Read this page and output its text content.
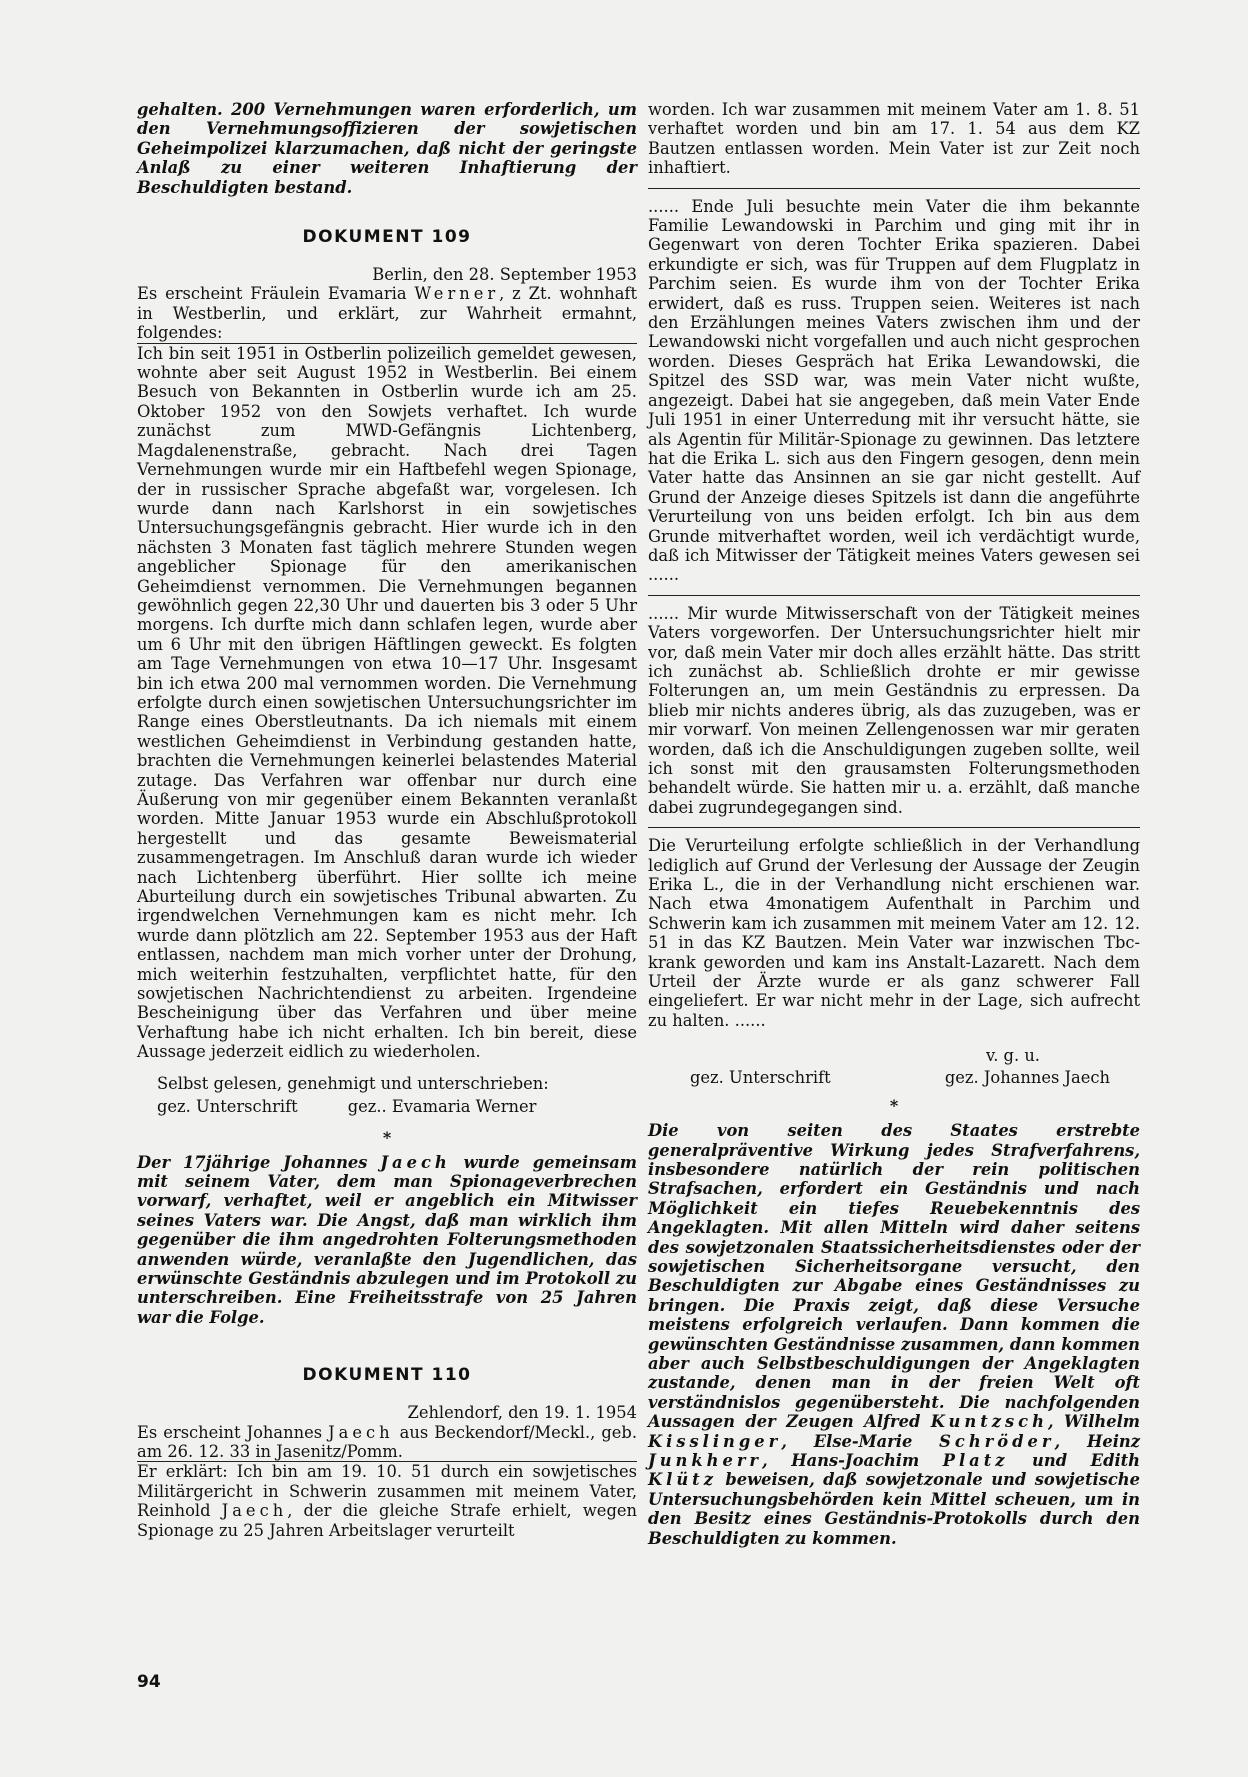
gehalten. 200 Vernehmungen waren erforderlich, um den Vernehmungsoffizieren der sowjetischen Geheimpolizei klarzumachen, daß nicht der geringste Anlaß zu einer weiteren Inhaftierung der Beschuldigten bestand.

DOKUMENT 109

Berlin, den 28. September 1953

Es erscheint Fräulein Evamaria Werner, z Zt. wohnhaft in Westberlin, und erklärt, zur Wahrheit ermahnt, folgendes:

Ich bin seit 1951 in Ostberlin polizeilich gemeldet gewesen, wohnte aber seit August 1952 in Westberlin. Bei einem Besuch von Bekannten in Ostberlin wurde ich am 25. Oktober 1952 von den Sowjets verhaftet. Ich wurde zunächst zum MWD-Gefängnis Lichtenberg, Magdalenenstraße, gebracht. Nach drei Tagen Vernehmungen wurde mir ein Haftbefehl wegen Spionage, der in russischer Sprache abgefaßt war, vorgelesen. Ich wurde dann nach Karlshorst in ein sowjetisches Untersuchungsgefängnis gebracht. Hier wurde ich in den nächsten 3 Monaten fast täglich mehrere Stunden wegen angeblicher Spionage für den amerikanischen Geheimdienst vernommen. Die Vernehmungen begannen gewöhnlich gegen 22,30 Uhr und dauerten bis 3 oder 5 Uhr morgens. Ich durfte mich dann schlafen legen, wurde aber um 6 Uhr mit den übrigen Häftlingen geweckt. Es folgten am Tage Vernehmungen von etwa 10—17 Uhr. Insgesamt bin ich etwa 200 mal vernommen worden. Die Vernehmung erfolgte durch einen sowjetischen Untersuchungsrichter im Range eines Oberstleutnants. Da ich niemals mit einem westlichen Geheimdienst in Verbindung gestanden hatte, brachten die Vernehmungen keinerlei belastendes Material zutage. Das Verfahren war offenbar nur durch eine Äußerung von mir gegenüber einem Bekannten veranlaßt worden. Mitte Januar 1953 wurde ein Abschlußprotokoll hergestellt und das gesamte Beweismaterial zusammengetragen. Im Anschluß daran wurde ich wieder nach Lichtenberg überführt. Hier sollte ich meine Aburteilung durch ein sowjetisches Tribunal abwarten. Zu irgendwelchen Vernehmungen kam es nicht mehr. Ich wurde dann plötzlich am 22. September 1953 aus der Haft entlassen, nachdem man mich vorher unter der Drohung, mich weiterhin festzuhalten, verpflichtet hatte, für den sowjetischen Nachrichtendienst zu arbeiten. Irgendeine Bescheinigung über das Verfahren und über meine Verhaftung habe ich nicht erhalten. Ich bin bereit, diese Aussage jederzeit eidlich zu wiederholen.

Selbst gelesen, genehmigt und unterschrieben:

gez. Unterschrift	gez.. Evamaria Werner

*

Der 17jährige Johannes Jaech wurde gemeinsam mit seinem Vater, dem man Spionageverbrechen vorwarf, verhaftet, weil er angeblich ein Mitwisser seines Vaters war. Die Angst, daß man wirklich ihm gegenüber die ihm angedrohten Folterungsmethoden anwenden würde, veranlaßte den Jugendlichen, das erwünschte Geständnis abzulegen und im Protokoll zu unterschreiben. Eine Freiheitsstrafe von 25 Jahren war die Folge.

DOKUMENT 110

Zehlendorf, den 19. 1. 1954

Es erscheint Johannes Jaech aus Beckendorf/Meckl., geb. am 26. 12. 33 in Jasenitz/Pomm.

Er erklärt: Ich bin am 19. 10. 51 durch ein sowjetisches Militärgericht in Schwerin zusammen mit meinem Vater, Reinhold Jaech, der die gleiche Strafe erhielt, wegen Spionage zu 25 Jahren Arbeitslager verurteilt

worden. Ich war zusammen mit meinem Vater am 1. 8. 51 verhaftet worden und bin am 17. 1. 54 aus dem KZ Bautzen entlassen worden. Mein Vater ist zur Zeit noch inhaftiert.

...... Ende Juli besuchte mein Vater die ihm bekannte Familie Lewandowski in Parchim und ging mit ihr in Gegenwart von deren Tochter Erika spazieren. Dabei erkundigte er sich, was für Truppen auf dem Flugplatz in Parchim seien. Es wurde ihm von der Tochter Erika erwidert, daß es russ. Truppen seien. Weiteres ist nach den Erzählungen meines Vaters zwischen ihm und der Lewandowski nicht vorgefallen und auch nicht gesprochen worden. Dieses Gespräch hat Erika Lewandowski, die Spitzel des SSD war, was mein Vater nicht wußte, angezeigt. Dabei hat sie angegeben, daß mein Vater Ende Juli 1951 in einer Unterredung mit ihr versucht hätte, sie als Agentin für Militär-Spionage zu gewinnen. Das letztere hat die Erika L. sich aus den Fingern gesogen, denn mein Vater hatte das Ansinnen an sie gar nicht gestellt. Auf Grund der Anzeige dieses Spitzels ist dann die angeführte Verurteilung von uns beiden erfolgt. Ich bin aus dem Grunde mitverhaftet worden, weil ich verdächtigt wurde, daß ich Mitwisser der Tätigkeit meines Vaters gewesen sei ......

...... Mir wurde Mitwisserschaft von der Tätigkeit meines Vaters vorgeworfen. Der Untersuchungsrichter hielt mir vor, daß mein Vater mir doch alles erzählt hätte. Das stritt ich zunächst ab. Schließlich drohte er mir gewisse Folterungen an, um mein Geständnis zu erpressen. Da blieb mir nichts anderes übrig, als das zuzugeben, was er mir vorwarf. Von meinen Zellengenossen war mir geraten worden, daß ich die Anschuldigungen zugeben sollte, weil ich sonst mit den grausamsten Folterungsmethoden behandelt würde. Sie hatten mir u. a. erzählt, daß manche dabei zugrundegegangen sind.

Die Verurteilung erfolgte schließlich in der Verhandlung lediglich auf Grund der Verlesung der Aussage der Zeugin Erika L., die in der Verhandlung nicht erschienen war. Nach etwa 4monatigem Aufenthalt in Parchim und Schwerin kam ich zusammen mit meinem Vater am 12. 12. 51 in das KZ Bautzen. Mein Vater war inzwischen Tbc-krank geworden und kam ins Anstalt-Lazarett. Nach dem Urteil der Ärzte wurde er als ganz schwerer Fall eingeliefert. Er war nicht mehr in der Lage, sich aufrecht zu halten. ......

v. g. u.

gez. Unterschrift	gez. Johannes Jaech

*

Die von seiten des Staates erstrebte generalpräventive Wirkung jedes Strafverfahrens, insbesondere natürlich der rein politischen Strafsachen, erfordert ein Geständnis und nach Möglichkeit ein tiefes Reuebekenntnis des Angeklagten. Mit allen Mitteln wird daher seitens des sowjetzonalen Staatssicherheitsdienstes oder der sowjetischen Sicherheitsorgane versucht, den Beschuldigten zur Abgabe eines Geständnisses zu bringen. Die Praxis zeigt, daß diese Versuche meistens erfolgreich verlaufen. Dann kommen die gewünschten Geständnisse zusammen, dann kommen aber auch Selbstbeschuldigungen der Angeklagten zustande, denen man in der freien Welt oft verständnislos gegenübersteht. Die nachfolgenden Aussagen der Zeugen Alfred Kuntzsch, Wilhelm Kisslinger, Else-Marie Schröder, Heinz Junkherr, Hans-Joachim Platz und Edith Klütz beweisen, daß sowjetzonale und sowjetische Untersuchungsbehörden kein Mittel scheuen, um in den Besitz eines Geständnis-Protokolls durch den Beschuldigten zu kommen.

94
